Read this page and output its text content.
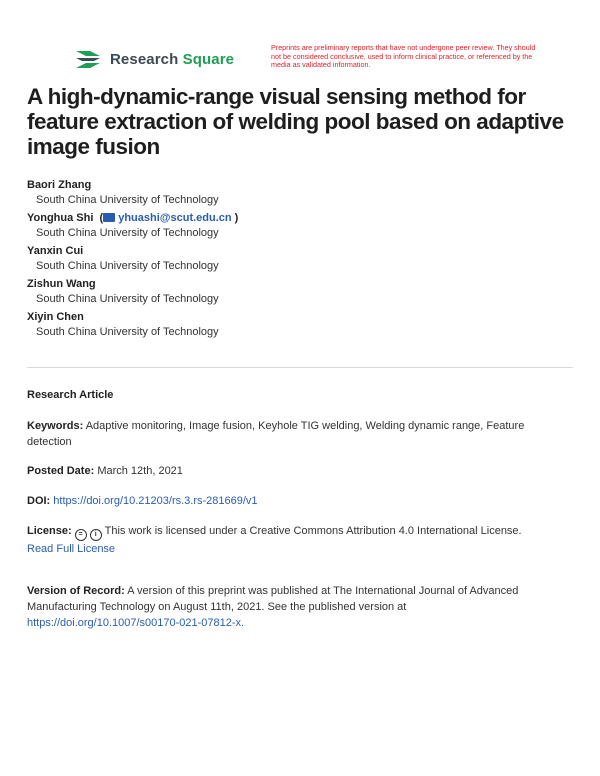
Research Square
Preprints are preliminary reports that have not undergone peer review. They should not be considered conclusive, used to inform clinical practice, or referenced by the media as validated information.
A high-dynamic-range visual sensing method for feature extraction of welding pool based on adaptive image fusion
Baori Zhang
South China University of Technology
Yonghua Shi  ( yhuashi@scut.edu.cn )
South China University of Technology
Yanxin Cui
South China University of Technology
Zishun Wang
South China University of Technology
Xiyin Chen
South China University of Technology
Research Article
Keywords: Adaptive monitoring, Image fusion, Keyhole TIG welding, Welding dynamic range, Feature detection
Posted Date: March 12th, 2021
DOI: https://doi.org/10.21203/rs.3.rs-281669/v1
License: = i This work is licensed under a Creative Commons Attribution 4.0 International License.
Read Full License
Version of Record: A version of this preprint was published at The International Journal of Advanced Manufacturing Technology on August 11th, 2021. See the published version at
https://doi.org/10.1007/s00170-021-07812-x.
